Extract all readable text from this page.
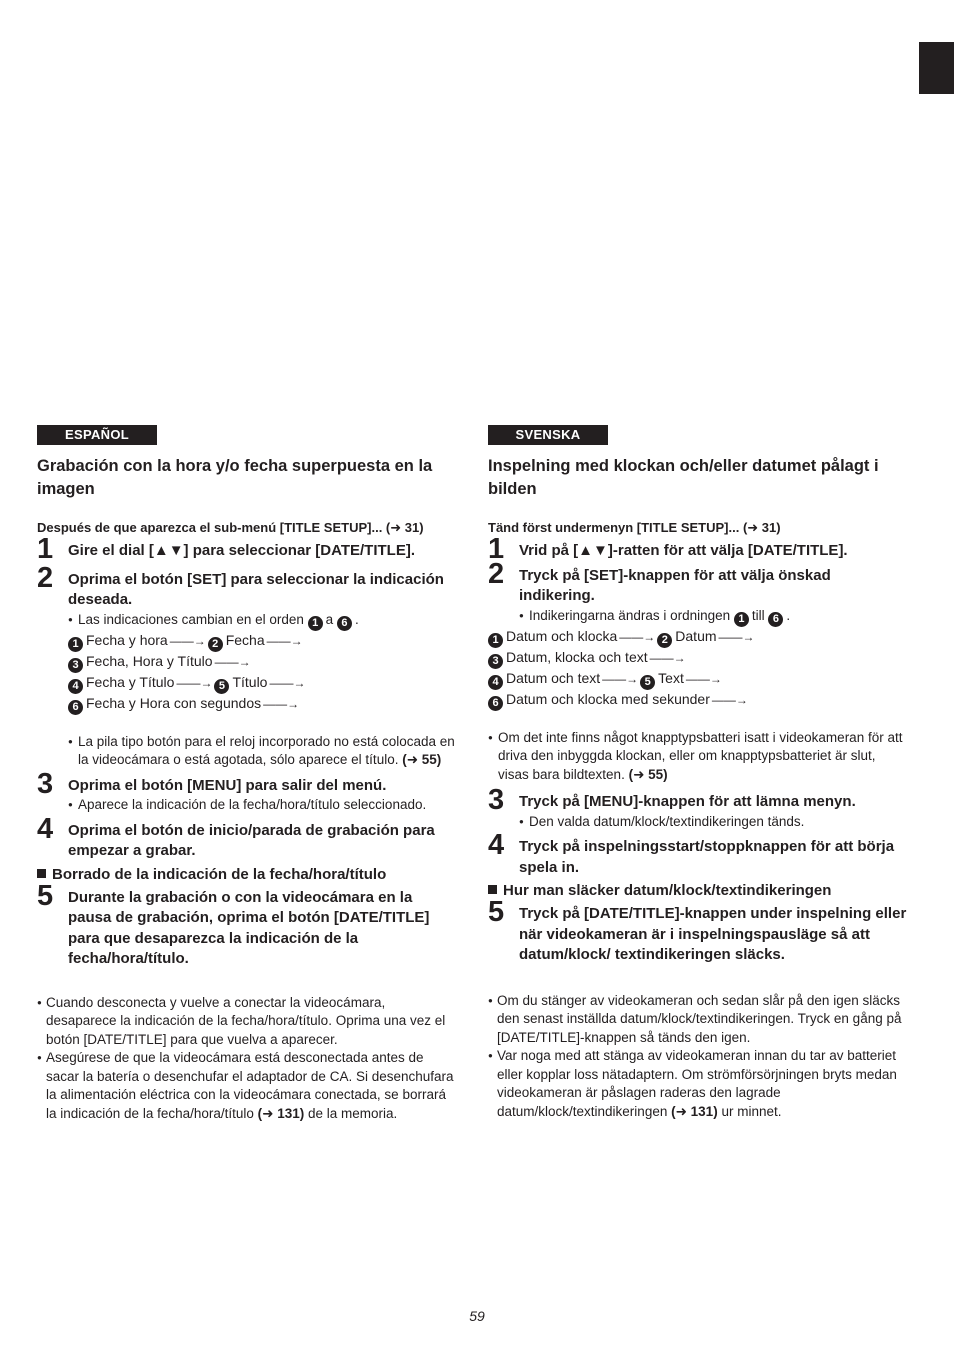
ESPAÑOL
Grabación con la hora y/o fecha superpuesta en la imagen
Después de que aparezca el sub-menú [TITLE SETUP]... (➜ 31)
1 Gire el dial [▲▼] para seleccionar [DATE/TITLE].
2 Oprima el botón [SET] para seleccionar la indicación deseada.
● Las indicaciones cambian en el orden 1 a 6 .
1 Fecha y hora ——→ 2 Fecha ——→
3 Fecha, Hora y Título ——→
4 Fecha y Título ——→ 5 Título ——→
6 Fecha y Hora con segundos ——→
● La pila tipo botón para el reloj incorporado no está colocada en la videocámara o está agotada, sólo aparece el título. (➜ 55)
3 Oprima el botón [MENU] para salir del menú.
● Aparece la indicación de la fecha/hora/título seleccionado.
4 Oprima el botón de inicio/parada de grabación para empezar a grabar.
Borrado de la indicación de la fecha/hora/título
5 Durante la grabación o con la videocámara en la pausa de grabación, oprima el botón [DATE/TITLE] para que desaparezca la indicación de la fecha/hora/título.
● Cuando desconecta y vuelve a conectar la videocámara, desaparece la indicación de la fecha/hora/título. Oprima una vez el botón [DATE/TITLE] para que vuelva a aparecer.
● Asegúrese de que la videocámara está desconectada antes de sacar la batería o desenchufar el adaptador de CA. Si desenchufara la alimentación eléctrica con la videocámara conectada, se borrará la indicación de la fecha/hora/título (➜ 131) de la memoria.
SVENSKA
Inspelning med klockan och/eller datumet pålagt i bilden
Tänd först undermenyn [TITLE SETUP]... (➜ 31)
1 Vrid på [▲▼]-ratten för att välja [DATE/TITLE].
2 Tryck på [SET]-knappen för att välja önskad indikering.
● Indikeringarna ändras i ordningen 1 till 6 .
1 Datum och klocka ——→ 2 Datum ——→
3 Datum, klocka och text ——→
4 Datum och text ——→ 5 Text ——→
6 Datum och klocka med sekunder ——→
● Om det inte finns något knapptypsbatteri isatt i videokameran för att driva den inbyggda klockan, eller om knapptypsbatteriet är slut, visas bara bildtexten. (➜ 55)
3 Tryck på [MENU]-knappen för att lämna menyn.
● Den valda datum/klock/textindikeringen tänds.
4 Tryck på inspelningsstart/stoppknappen för att börja spela in.
Hur man släcker datum/klock/textindikeringen
5 Tryck på [DATE/TITLE]-knappen under inspelning eller när videokameran är i inspelningspausläge så att datum/klock/ textindikeringen släcks.
● Om du stänger av videokameran och sedan slår på den igen släcks den senast inställda datum/klock/textindikeringen. Tryck en gång på [DATE/TITLE]-knappen så tänds den igen.
● Var noga med att stänga av videokameran innan du tar av batteriet eller kopplar loss nätadaptern. Om strömförsörjningen bryts medan videokameran är påslagen raderas den lagrade datum/klock/textindikeringen (➜ 131) ur minnet.
59
